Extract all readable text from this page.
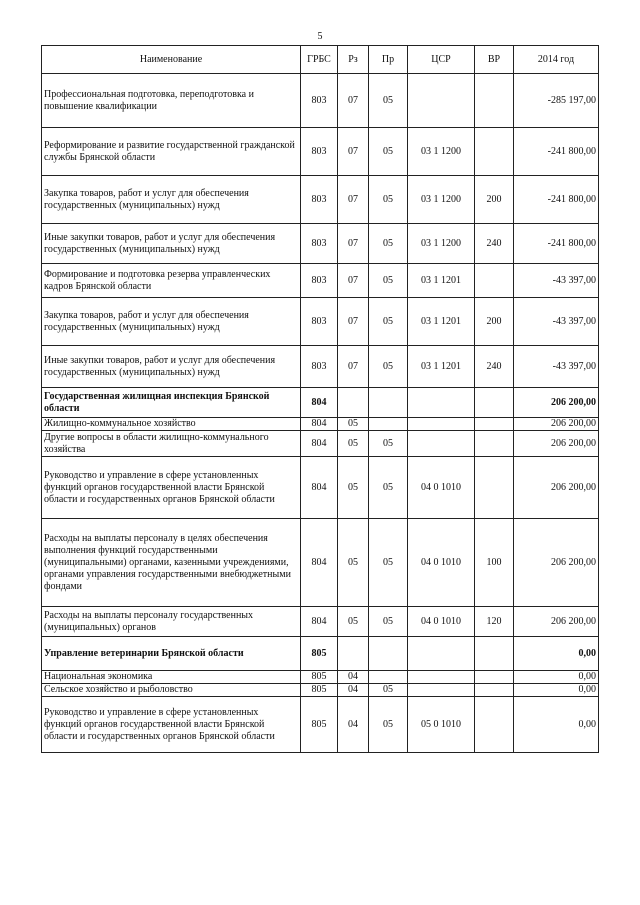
5
Наименование	ГРБС	Рз	Пр	ЦСР	ВР	2014 год
Профессиональная подготовка, переподготовка и повышение квалификации	803	07	05			-285 197,00
Реформирование и развитие государственной гражданской службы Брянской области	803	07	05	03 1 1200		-241 800,00
Закупка товаров, работ и услуг для обеспечения государственных (муниципальных) нужд	803	07	05	03 1 1200	200	-241 800,00
Иные закупки товаров, работ и услуг для обеспечения государственных (муниципальных) нужд	803	07	05	03 1 1200	240	-241 800,00
Формирование и подготовка резерва управленческих кадров Брянской области	803	07	05	03 1 1201		-43 397,00
Закупка товаров, работ и услуг для обеспечения государственных (муниципальных) нужд	803	07	05	03 1 1201	200	-43 397,00
Иные закупки товаров, работ и услуг для обеспечения государственных (муниципальных) нужд	803	07	05	03 1 1201	240	-43 397,00
Государственная жилищная инспекция Брянской области	804					206 200,00
Жилищно-коммунальное хозяйство	804	05				206 200,00
Другие вопросы в области жилищно-коммунального хозяйства	804	05	05			206 200,00
Руководство и управление в сфере установленных функций органов государственной власти Брянской области и государственных органов Брянской области	804	05	05	04 0 1010		206 200,00
Расходы на выплаты персоналу в целях обеспечения выполнения функций государственными (муниципальными) органами, казенными учреждениями, органами управления государственными внебюджетными фондами	804	05	05	04 0 1010	100	206 200,00
Расходы на выплаты персоналу государственных (муниципальных) органов	804	05	05	04 0 1010	120	206 200,00
Управление ветеринарии Брянской области	805					0,00
Национальная экономика	805	04				0,00
Сельское хозяйство и рыболовство	805	04	05			0,00
Руководство и управление в сфере установленных функций органов государственной власти Брянской области и государственных органов Брянской области	805	04	05	05 0 1010		0,00
